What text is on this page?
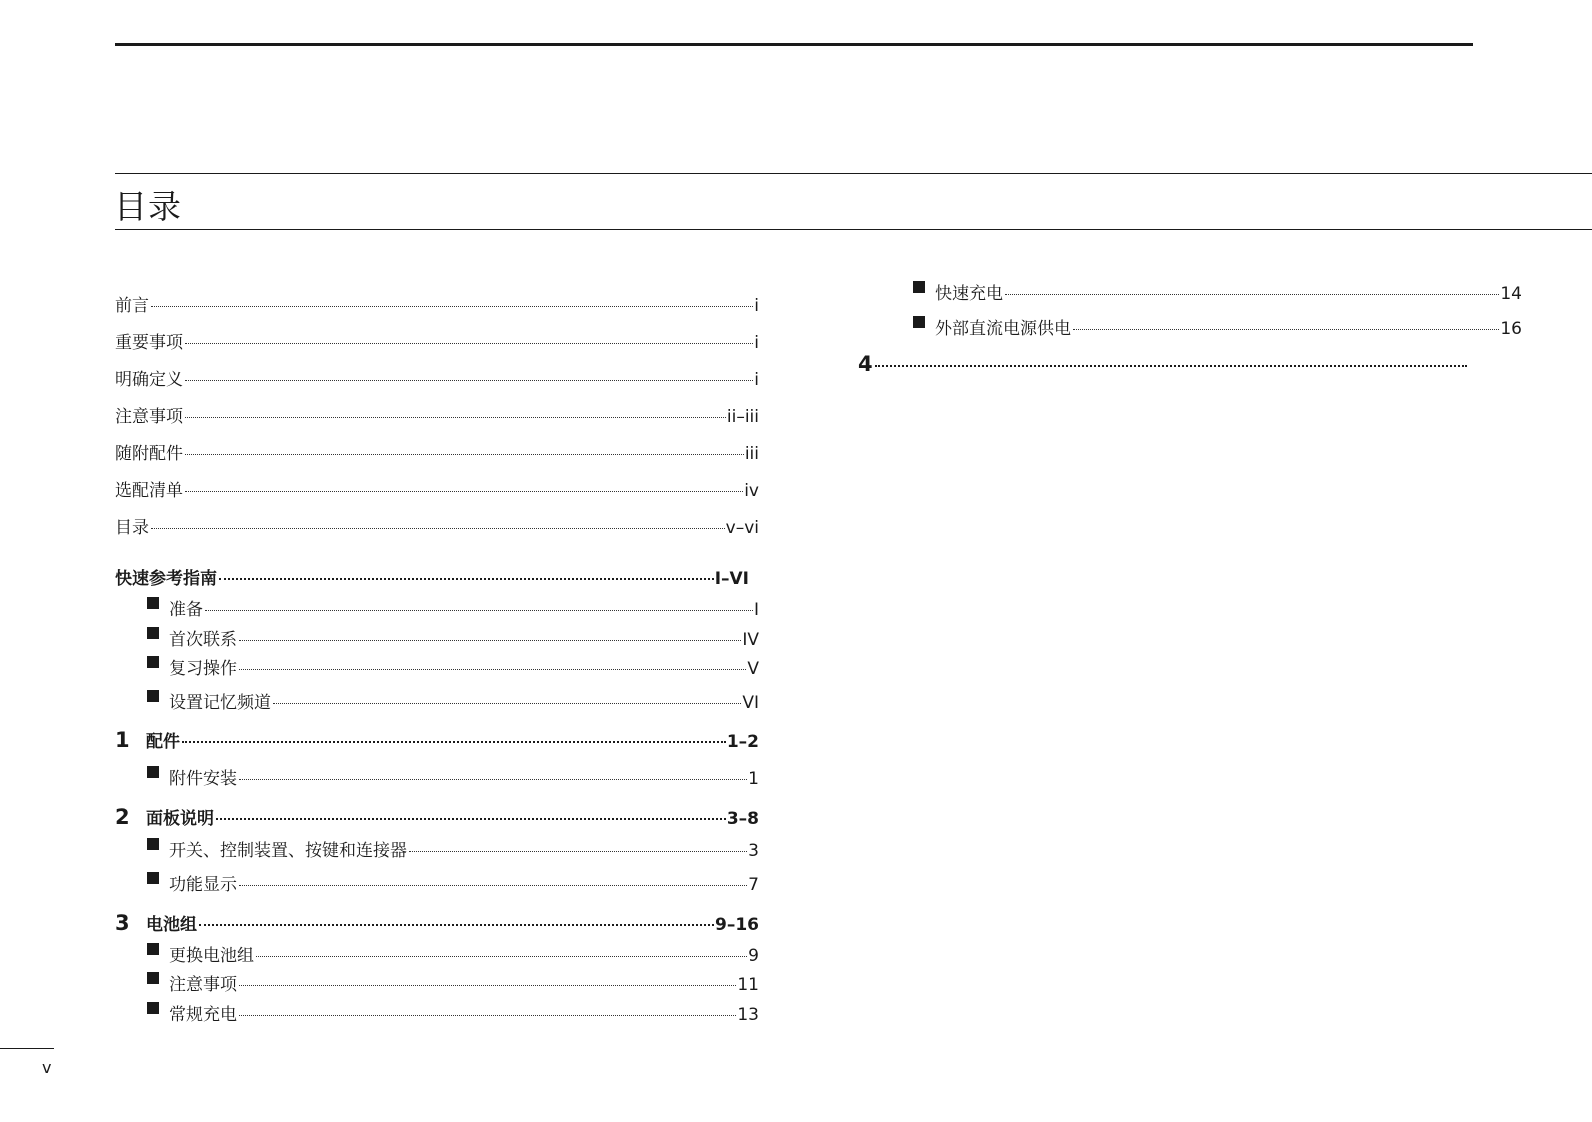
目录
前言	i
重要事项	i
明确定义	i
注意事项	ii–iii
随附配件	iii
选配清单	iv
目录	v–vi
快速参考指南	I–VI
准备	I
首次联系	IV
复习操作	V
设置记忆频道	VI
1 配件	1–2
附件安装	1
2 面板说明	3–8
开关、控制装置、按键和连接器	3
功能显示	7
3 电池组	9–16
更换电池组	9
注意事项	11
常规充电	13
快速充电	14
外部直流电源供电	16
4
v
